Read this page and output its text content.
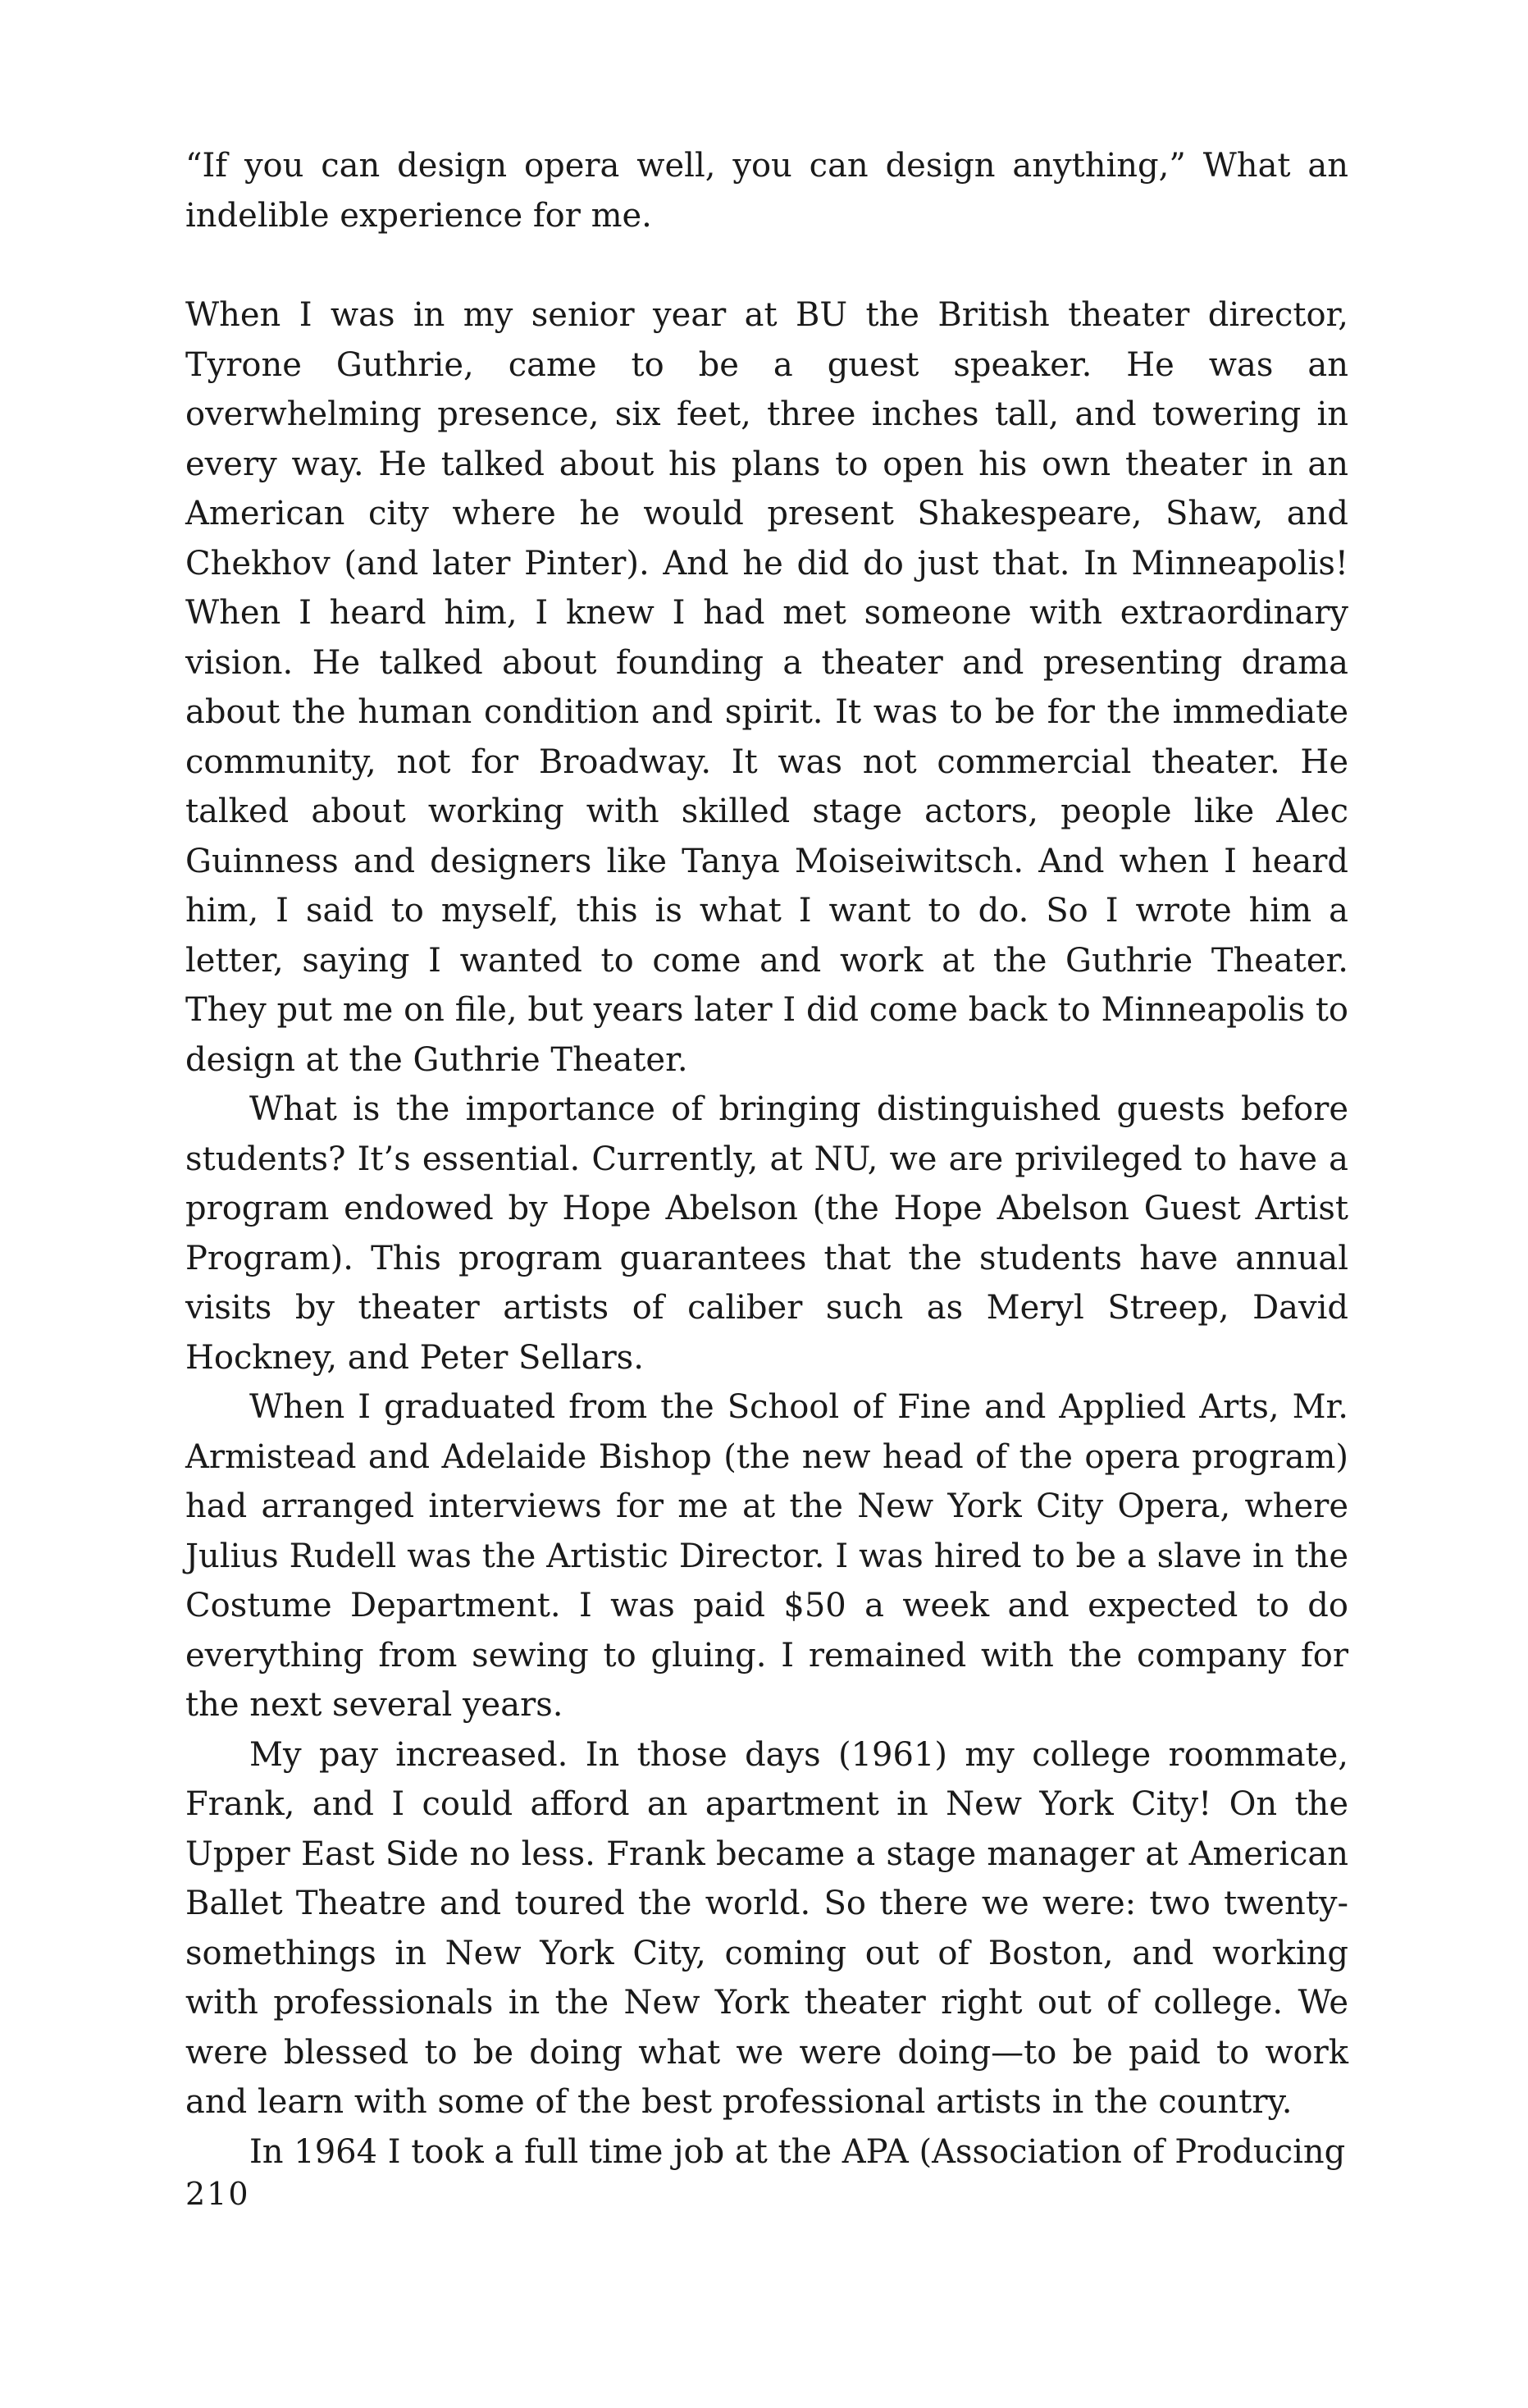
“If you can design opera well, you can design anything,” What an indelible experience for me.

When I was in my senior year at BU the British theater director, Tyrone Guthrie, came to be a guest speaker. He was an overwhelming presence, six feet, three inches tall, and towering in every way. He talked about his plans to open his own theater in an American city where he would present Shakespeare, Shaw, and Chekhov (and later Pinter). And he did do just that. In Minneapolis! When I heard him, I knew I had met someone with extraordinary vision. He talked about founding a theater and presenting drama about the human condition and spirit. It was to be for the immediate community, not for Broadway. It was not commercial theater. He talked about working with skilled stage actors, people like Alec Guinness and designers like Tanya Moiseiwitsch. And when I heard him, I said to myself, this is what I want to do. So I wrote him a letter, saying I wanted to come and work at the Guthrie Theater. They put me on file, but years later I did come back to Minneapolis to design at the Guthrie Theater.

What is the importance of bringing distinguished guests before students? It’s essential. Currently, at NU, we are privileged to have a program endowed by Hope Abelson (the Hope Abelson Guest Artist Program). This program guarantees that the students have annual visits by theater artists of caliber such as Meryl Streep, David Hockney, and Peter Sellars.

When I graduated from the School of Fine and Applied Arts, Mr. Armistead and Adelaide Bishop (the new head of the opera program) had arranged interviews for me at the New York City Opera, where Julius Rudell was the Artistic Director. I was hired to be a slave in the Costume Department. I was paid $50 a week and expected to do everything from sewing to gluing. I remained with the company for the next several years.

My pay increased. In those days (1961) my college roommate, Frank, and I could afford an apartment in New York City! On the Upper East Side no less. Frank became a stage manager at American Ballet Theatre and toured the world. So there we were: two twenty-somethings in New York City, coming out of Boston, and working with professionals in the New York theater right out of college. We were blessed to be doing what we were doing—to be paid to work and learn with some of the best professional artists in the country.

In 1964 I took a full time job at the APA (Association of Producing

210
